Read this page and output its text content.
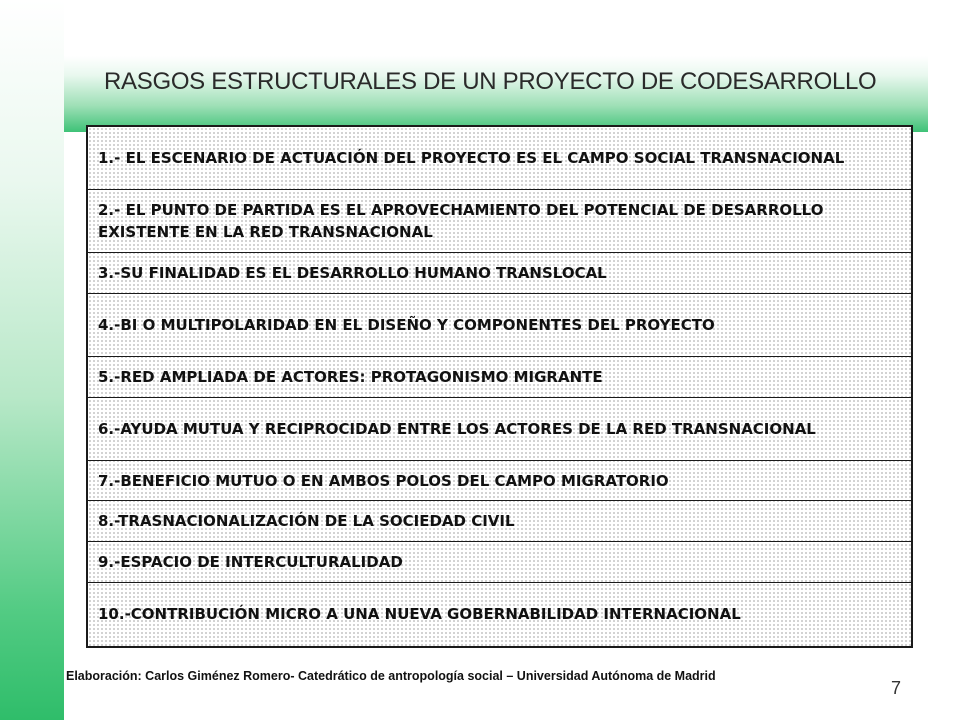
RASGOS ESTRUCTURALES DE UN PROYECTO DE CODESARROLLO
1.- EL ESCENARIO DE ACTUACIÓN DEL PROYECTO ES EL CAMPO SOCIAL TRANSNACIONAL
2.- EL PUNTO DE PARTIDA ES EL APROVECHAMIENTO DEL POTENCIAL DE DESARROLLO EXISTENTE EN LA RED TRANSNACIONAL
3.-SU FINALIDAD ES EL DESARROLLO HUMANO TRANSLOCAL
4.-BI O MULTIPOLARIDAD EN EL DISEÑO Y COMPONENTES DEL PROYECTO
5.-RED AMPLIADA DE ACTORES: PROTAGONISMO MIGRANTE
6.-AYUDA MUTUA Y RECIPROCIDAD ENTRE LOS ACTORES DE LA RED TRANSNACIONAL
7.-BENEFICIO MUTUO O EN AMBOS POLOS DEL CAMPO MIGRATORIO
8.-TRASNACIONALIZACIÓN DE LA SOCIEDAD CIVIL
9.-ESPACIO DE INTERCULTURALIDAD
10.-CONTRIBUCIÓN MICRO A UNA NUEVA GOBERNABILIDAD INTERNACIONAL
Elaboración: Carlos Giménez Romero- Catedrático de antropología social – Universidad Autónoma de Madrid
7
